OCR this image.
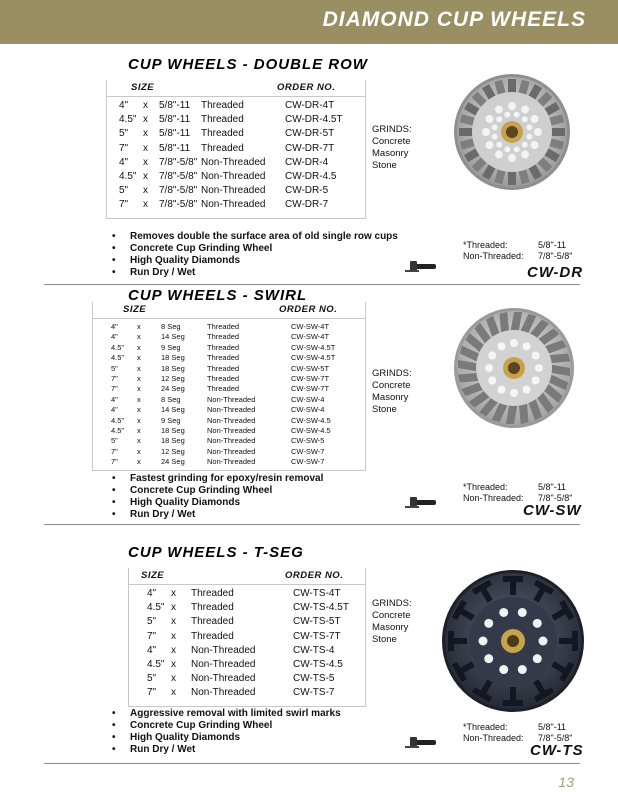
DIAMOND CUP WHEELS
CUP WHEELS - DOUBLE ROW
SIZE	ORDER NO.
4" x 5/8"-11 Threaded	CW-DR-4T
4.5" x 5/8"-11 Threaded	CW-DR-4.5T
5" x 5/8"-11 Threaded	CW-DR-5T
7" x 5/8"-11 Threaded	CW-DR-7T
4" x 7/8"-5/8" Non-Threaded CW-DR-4
4.5" x 7/8"-5/8" Non-Threaded CW-DR-4.5
5" x 7/8"-5/8" Non-Threaded CW-DR-5
7" x 7/8"-5/8" Non-Threaded CW-DR-7
GRINDS:
Concrete
Masonry
Stone
• Removes double the surface area of old single row cups
• Concrete Cup Grinding Wheel
• High Quality Diamonds
• Run Dry / Wet
*Threaded:	5/8"-11
Non-Threaded: 7/8"-5/8"
CW-DR
CUP WHEELS - SWIRL
SIZE	ORDER NO.
4"	x	8 Seg	Threaded	CW-SW-4T
4"	x	14 Seg	Threaded	CW-SW-4T
4.5" x	9 Seg	Threaded	CW-SW-4.5T
4.5" x	18 Seg	Threaded	CW-SW-4.5T
5"	x	18 Seg	Threaded	CW-SW-5T
7"	x	12 Seg	Threaded	CW-SW-7T
7"	x	24 Seg	Threaded	CW-SW-7T
4"	x	8 Seg	Non-Threaded	CW-SW-4
4"	x	14 Seg	Non-Threaded	CW-SW-4
4.5" x	9 Seg	Non-Threaded	CW-SW-4.5
4.5" x	18 Seg	Non-Threaded	CW-SW-4.5
5"	x	18 Seg	Non-Threaded	CW-SW-5
7"	x	12 Seg	Non-Threaded	CW-SW-7
7"	x	24 Seg	Non-Threaded	CW-SW-7
GRINDS:
Concrete
Masonry
Stone
• Fastest grinding for epoxy/resin removal
• Concrete Cup Grinding Wheel
• High Quality Diamonds
• Run Dry / Wet
*Threaded:	5/8"-11
Non-Threaded: 7/8"-5/8"
CW-SW
CUP WHEELS - T-SEG
SIZE	ORDER NO.
4" x Threaded	CW-TS-4T
4.5" x Threaded	CW-TS-4.5T
5" x Threaded	CW-TS-5T
7" x Threaded	CW-TS-7T
4" x Non-Threaded	CW-TS-4
4.5" x Non-Threaded	CW-TS-4.5
5" x Non-Threaded	CW-TS-5
7" x Non-Threaded	CW-TS-7
GRINDS:
Concrete
Masonry
Stone
• Aggressive removal with limited swirl marks
• Concrete Cup Grinding Wheel
• High Quality Diamonds
• Run Dry / Wet
*Threaded:	5/8"-11
Non-Threaded: 7/8"-5/8"
CW-TS
13
